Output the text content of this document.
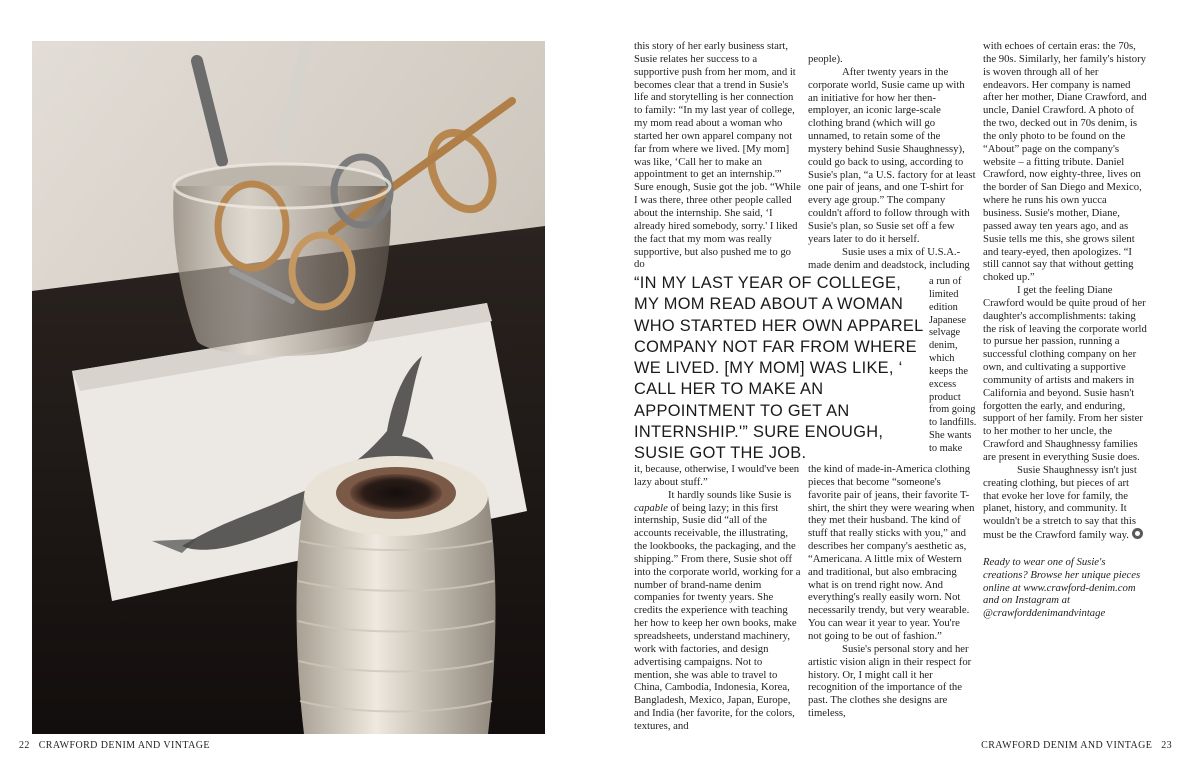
22 CRAWFORD DENIM AND VINTAGE	CRAWFORD DENIM AND VINTAGE 23

this story of her early business start, Susie relates her success to a supportive push from her mom, and it becomes clear that a trend in Susie's life and storytelling is her connection to family: “In my last year of college, my mom read about a woman who started her own apparel company not far from where we lived. [My mom] was like, ‘Call her to make an appointment to get an internship.'” Sure enough, Susie got the job. “While I was there, three other people called about the internship. She said, ‘I already hired somebody, sorry.' I liked the fact that my mom was really supportive, but also pushed me to go do

people).

After twenty years in the corporate world, Susie came up with an initiative for how her then-employer, an iconic large-scale clothing brand (which will go unnamed, to retain some of the mystery behind Susie Shaughnessy), could go back to using, according to Susie's plan, “a U.S. factory for at least one pair of jeans, and one T-shirt for every age group.” The company couldn't afford to follow through with Susie's plan, so Susie set off a few years later to do it herself.

Susie uses a mix of U.S.A.-made denim and deadstock, including

a run of limited edition Japanese selvage denim, which keeps the excess product from going to landfills. She wants to make

“IN MY LAST YEAR OF COLLEGE, MY MOM READ ABOUT A WOMAN WHO STARTED HER OWN APPAREL COMPANY NOT FAR FROM WHERE WE LIVED. [MY MOM] WAS LIKE, ‘ CALL HER TO MAKE AN APPOINTMENT TO GET AN INTERNSHIP.'” SURE ENOUGH, SUSIE GOT THE JOB.

it, because, otherwise, I would've been lazy about stuff.”

It hardly sounds like Susie is capable of being lazy; in this first internship, Susie did “all of the accounts receivable, the illustrating, the lookbooks, the packaging, and the shipping.” From there, Susie shot off into the corporate world, working for a number of brand-name denim companies for twenty years. She credits the experience with teaching her how to keep her own books, make spreadsheets, understand machinery, work with factories, and design advertising campaigns. Not to mention, she was able to travel to China, Cambodia, Indonesia, Korea, Bangladesh, Mexico, Japan, Europe, and India (her favorite, for the colors, textures, and

the kind of made-in-America clothing pieces that become “someone's favorite pair of jeans, their favorite T-shirt, the shirt they were wearing when they met their husband. The kind of stuff that really sticks with you,” and describes her company's aesthetic as, “Americana. A little mix of Western and traditional, but also embracing what is on trend right now. And everything's really easily worn. Not necessarily trendy, but very wearable. You can wear it year to year. You're not going to be out of fashion.”

Susie's personal story and her artistic vision align in their respect for history. Or, I might call it her recognition of the importance of the past. The clothes she designs are timeless,

with echoes of certain eras: the 70s, the 90s. Similarly, her family's history is woven through all of her endeavors. Her company is named after her mother, Diane Crawford, and uncle, Daniel Crawford. A photo of the two, decked out in 70s denim, is the only photo to be found on the “About” page on the company's website – a fitting tribute. Daniel Crawford, now eighty-three, lives on the border of San Diego and Mexico, where he runs his own yucca business. Susie's mother, Diane, passed away ten years ago, and as Susie tells me this, she grows silent and teary-eyed, then apologizes. “I still cannot say that without getting choked up.”

I get the feeling Diane Crawford would be quite proud of her daughter's accomplishments: taking the risk of leaving the corporate world to pursue her passion, running a successful clothing company on her own, and cultivating a supportive community of artists and makers in California and beyond. Susie hasn't forgotten the early, and enduring, support of her family. From her sister to her mother to her uncle, the Crawford and Shaughnessy families are present in everything Susie does.

Susie Shaughnessy isn't just creating clothing, but pieces of art that evoke her love for family, the planet, history, and community. It wouldn't be a stretch to say that this must be the Crawford family way.

Ready to wear one of Susie's creations? Browse her unique pieces online at www.crawford-denim.com and on Instagram at @crawforddenimandvintage
